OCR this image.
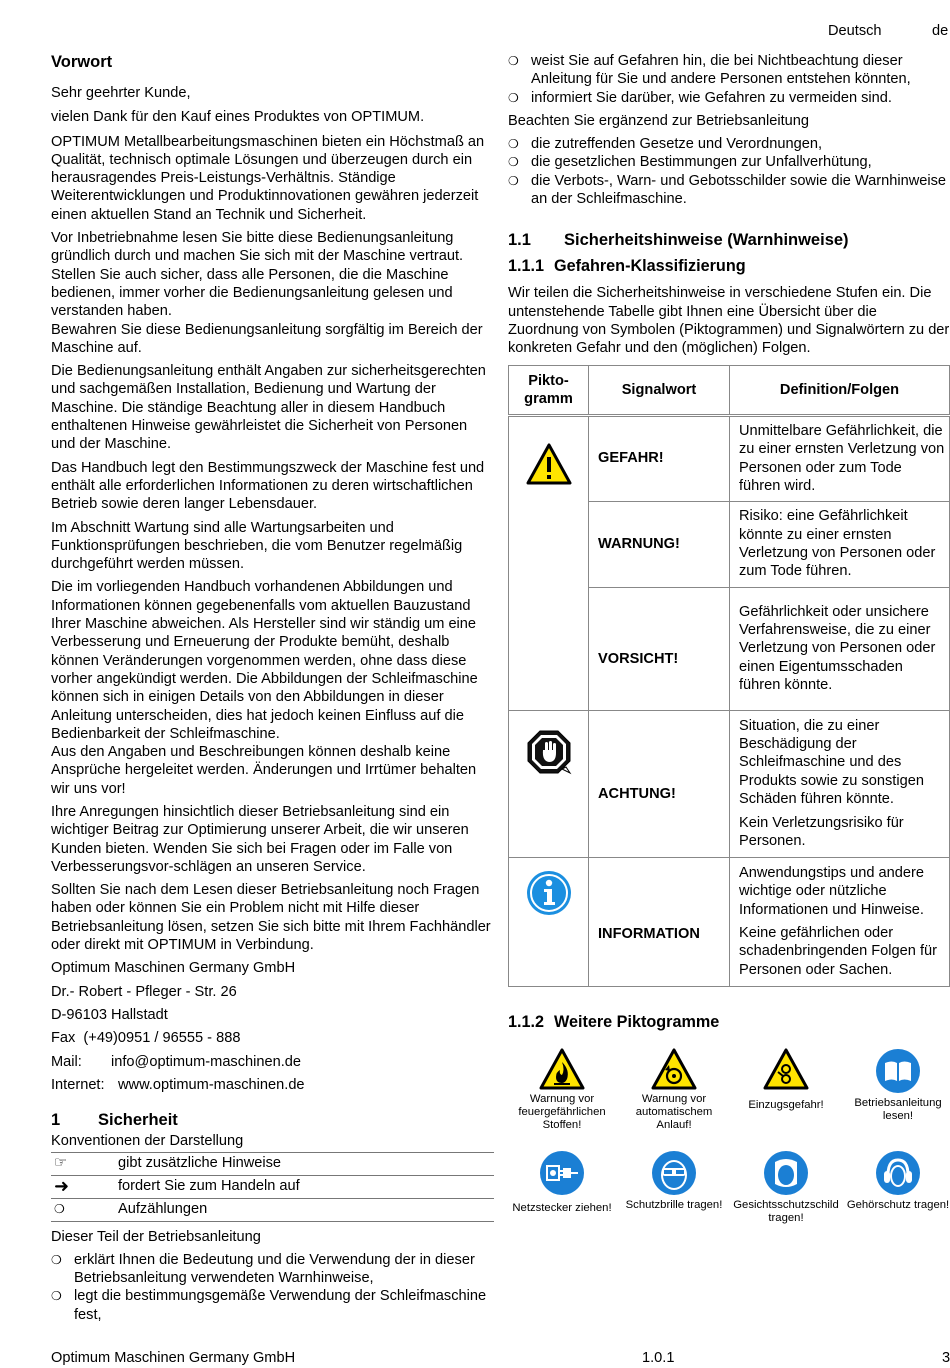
Deutsch	de
Vorwort

Sehr geehrter Kunde,

vielen Dank für den Kauf eines Produktes von OPTIMUM.

OPTIMUM Metallbearbeitungsmaschinen bieten ein Höchstmaß an Qualität, technisch optimale Lösungen und überzeugen durch ein herausragendes Preis-Leistungs-Verhältnis. Ständige Weiterentwicklungen und Produktinnovationen gewähren jederzeit einen aktuellen Stand an Technik und Sicherheit.

Vor Inbetriebnahme lesen Sie bitte diese Bedienungsanleitung gründlich durch und machen Sie sich mit der Maschine vertraut. Stellen Sie auch sicher, dass alle Personen, die die Maschine bedienen, immer vorher die Bedienungsanleitung gelesen und verstanden haben.

Bewahren Sie diese Bedienungsanleitung sorgfältig im Bereich der Maschine auf.

Die Bedienungsanleitung enthält Angaben zur sicherheitsgerechten und sachgemäßen Installation, Bedienung und Wartung der Maschine. Die ständige Beachtung aller in diesem Handbuch enthaltenen Hinweise gewährleistet die Sicherheit von Personen und der Maschine.

Das Handbuch legt den Bestimmungszweck der Maschine fest und enthält alle erforderlichen Informationen zu deren wirtschaftlichen Betrieb sowie deren langer Lebensdauer.

Im Abschnitt Wartung sind alle Wartungsarbeiten und Funktionsprüfungen beschrieben, die vom Benutzer regelmäßig durchgeführt werden müssen.

Die im vorliegenden Handbuch vorhandenen Abbildungen und Informationen können gegebenenfalls vom aktuellen Bauzustand Ihrer Maschine abweichen. Als Hersteller sind wir ständig um eine Verbesserung und Erneuerung der Produkte bemüht, deshalb können Veränderungen vorgenommen werden, ohne dass diese vorher angekündigt werden. Die Abbildungen der Schleifmaschine können sich in einigen Details von den Abbildungen in dieser Anleitung unterscheiden, dies hat jedoch keinen Einfluss auf die Bedienbarkeit der Schleifmaschine.

Aus den Angaben und Beschreibungen können deshalb keine Ansprüche hergeleitet werden. Änderungen und Irrtümer behalten wir uns vor!

Ihre Anregungen hinsichtlich dieser Betriebsanleitung sind ein wichtiger Beitrag zur Optimierung unserer Arbeit, die wir unseren Kunden bieten. Wenden Sie sich bei Fragen oder im Falle von Verbesserungsvor-schlägen an unseren Service.

Sollten Sie nach dem Lesen dieser Betriebsanleitung noch Fragen haben oder können Sie ein Problem nicht mit Hilfe dieser Betriebsanleitung lösen, setzen Sie sich bitte mit Ihrem Fachhändler oder direkt mit OPTIMUM in Verbindung.

Optimum Maschinen Germany GmbH

Dr.- Robert - Pfleger - Str. 26

D-96103 Hallstadt

Fax  (+49)0951 / 96555 - 888

Mail: info@optimum-maschinen.de

Internet: www.optimum-maschinen.de

1 Sicherheit

Konventionen der Darstellung

☞	gibt zusätzliche Hinweise
➜	fordert Sie zum Handeln auf
❍	Aufzählungen

Dieser Teil der Betriebsanleitung

❍ erklärt Ihnen die Bedeutung und die Verwendung der in dieser Betriebsanleitung verwendeten Warnhinweise,
❍ legt die bestimmungsgemäße Verwendung der Schleifmaschine fest,
❍ weist Sie auf Gefahren hin, die bei Nichtbeachtung dieser Anleitung für Sie und andere Personen entstehen könnten,
❍ informiert Sie darüber, wie Gefahren zu vermeiden sind.

Beachten Sie ergänzend zur Betriebsanleitung

❍ die zutreffenden Gesetze und Verordnungen,
❍ die gesetzlichen Bestimmungen zur Unfallverhütung,
❍ die Verbots-, Warn- und Gebotsschilder sowie die Warnhinweise an der Schleifmaschine.
1.1 Sicherheitshinweise (Warnhinweise)
1.1.1 Gefahren-Klassifizierung

Wir teilen die Sicherheitshinweise in verschiedene Stufen ein. Die untenstehende Tabelle gibt Ihnen eine Übersicht über die Zuordnung von Symbolen (Piktogrammen) und Signalwörtern zu der konkreten Gefahr und den (möglichen) Folgen.

Pikto-gramm	Signalwort	Definition/Folgen
	GEFAHR!	Unmittelbare Gefährlichkeit, die zu einer ernsten Verletzung von Personen oder zum Tode führen wird.

	WARNUNG!	Risiko: eine Gefährlichkeit könnte zu einer ernsten Verletzung von Personen oder zum Tode führen.

	VORSICHT!	Gefährlichkeit oder unsichere Verfahrensweise, die zu einer Verletzung von Personen oder einen Eigentumsschaden führen könnte.

	ACHTUNG!	Situation, die zu einer Beschädigung der Schleifmaschine und des Produkts sowie zu sonstigen Schäden führen könnte.

Kein Verletzungsrisiko für Personen.

	INFORMATION	Anwendungstips und andere wichtige oder nützliche Informationen und Hinweise.

Keine gefährlichen oder schadenbringenden Folgen für Personen oder Sachen.

1.1.2 Weitere Piktogramme
Warnung vor feuergefährlichen Stoffen!
Warnung vor automatischem Anlauf!
Einzugsgefahr!	Betriebsanleitung lesen!
Netzstecker ziehen!	Schutzbrille tragen! Gesichtsschutzschild tragen!
Gehörschutz tragen!
Optimum Maschinen Germany GmbH	1.0.1	3
